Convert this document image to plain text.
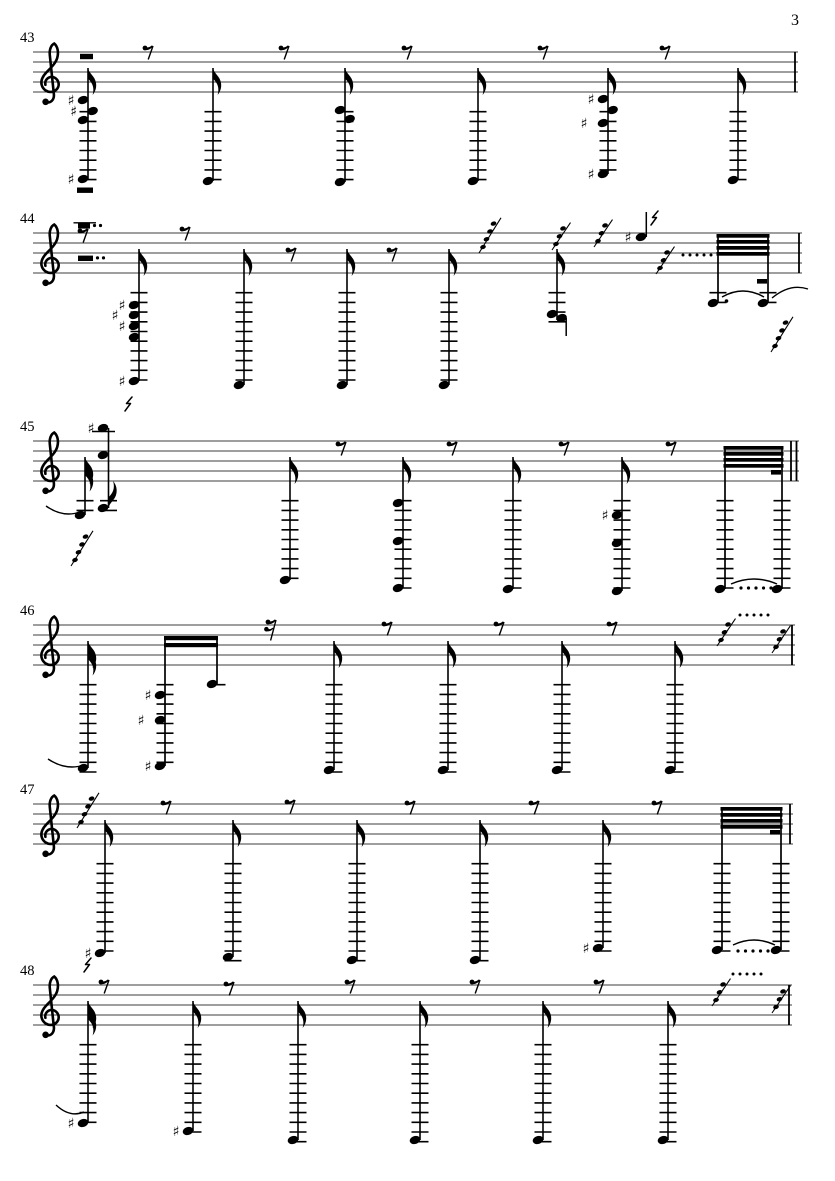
3
43
♯
♯
♯
♯
♯
♯
44
♯
♯
♯
♯
♯
45	♯
♯
46
♯
♯
♯
47
♯	♯
48
♯	♯
